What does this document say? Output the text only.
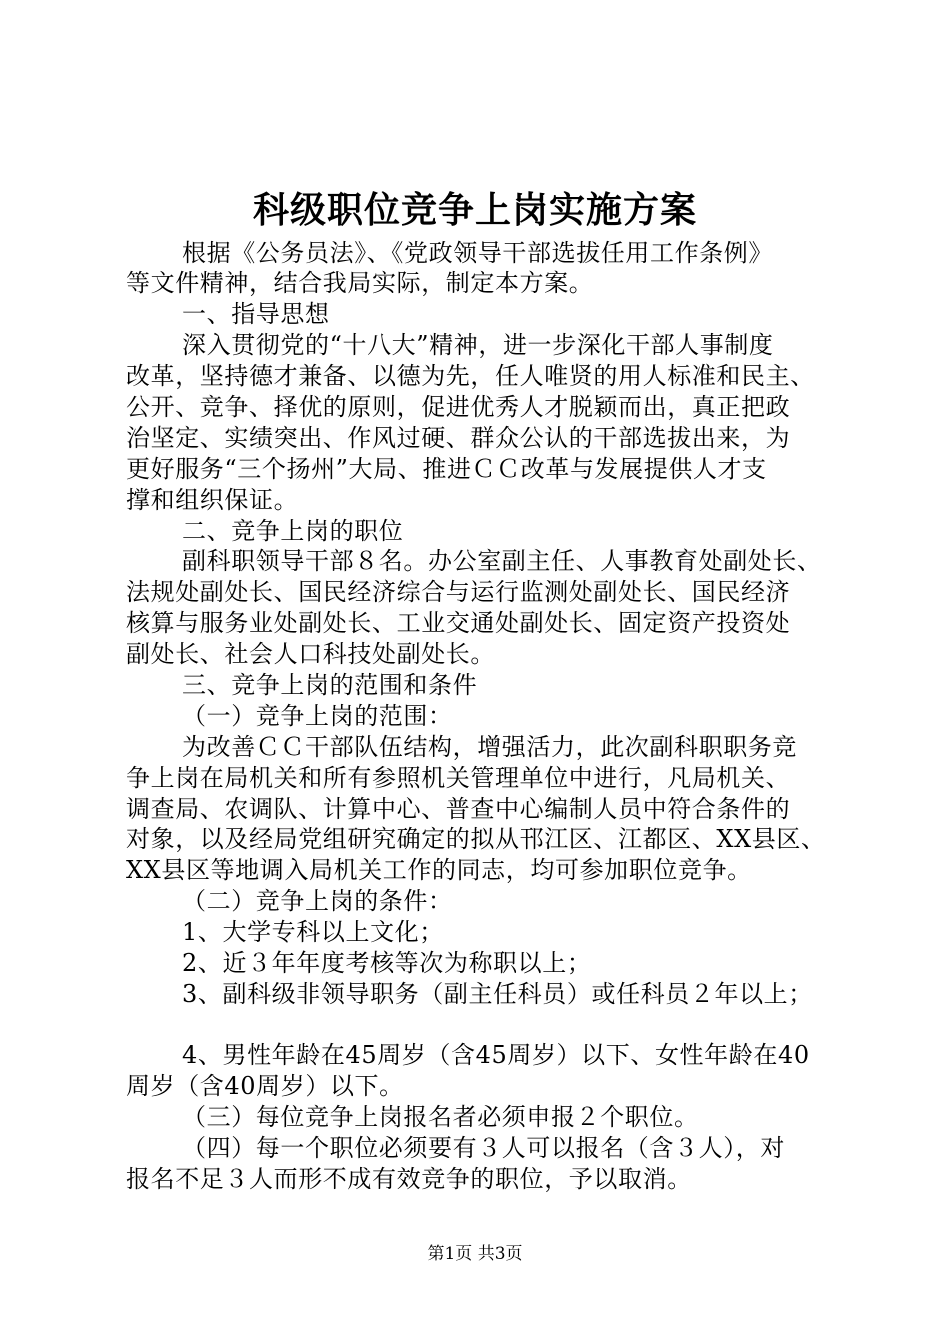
科级职位竞争上岗实施方案
根据《公务员法》、《党政领导干部选拔任用工作条例》
等文件精神，结合我局实际，制定本方案。
一、指导思想
深入贯彻党的“十八大”精神，进一步深化干部人事制度
改革，坚持德才兼备、以德为先，任人唯贤的用人标准和民主、
公开、竞争、择优的原则，促进优秀人才脱颖而出，真正把政
治坚定、实绩突出、作风过硬、群众公认的干部选拔出来，为
更好服务“三个扬州”大局、推进ＣＣ改革与发展提供人才支
撑和组织保证。
二、竞争上岗的职位
副科职领导干部８名。办公室副主任、人事教育处副处长、
法规处副处长、国民经济综合与运行监测处副处长、国民经济
核算与服务业处副处长、工业交通处副处长、固定资产投资处
副处长、社会人口科技处副处长。
三、竞争上岗的范围和条件
（一）竞争上岗的范围：
为改善ＣＣ干部队伍结构，增强活力，此次副科职职务竞
争上岗在局机关和所有参照机关管理单位中进行，凡局机关、
调查局、农调队、计算中心、普查中心编制人员中符合条件的
对象，以及经局党组研究确定的拟从邗江区、江都区、XX县区、
XX县区等地调入局机关工作的同志，均可参加职位竞争。
（二）竞争上岗的条件：
1、大学专科以上文化；
2、近３年年度考核等次为称职以上；
3、副科级非领导职务（副主任科员）或任科员２年以上；
4、男性年龄在45周岁（含45周岁）以下、女性年龄在40
周岁（含40周岁）以下。
（三）每位竞争上岗报名者必须申报２个职位。
（四）每一个职位必须要有３人可以报名（含３人），对
报名不足３人而形不成有效竞争的职位，予以取消。
第1页 共3页
